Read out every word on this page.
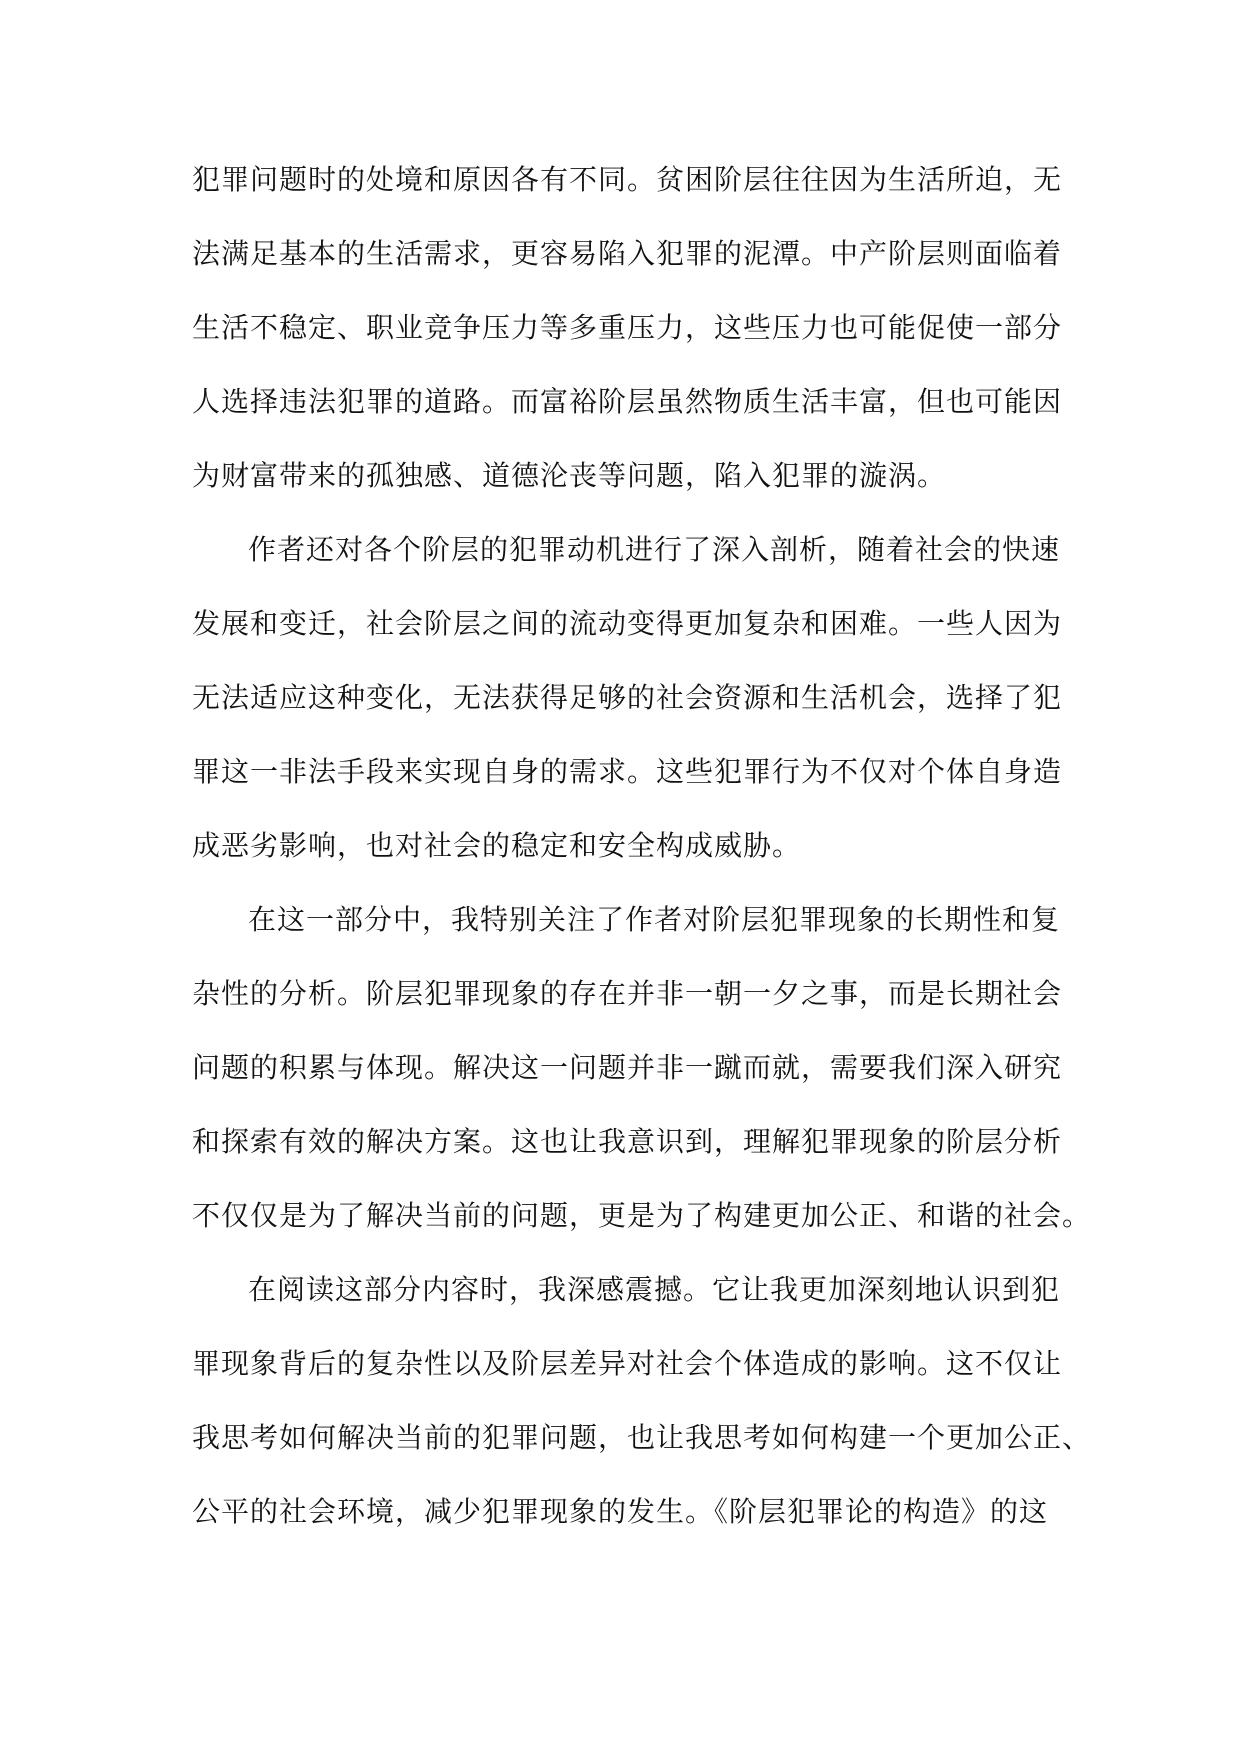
犯罪问题时的处境和原因各有不同。贫困阶层往往因为生活所迫，无
法满足基本的生活需求，更容易陷入犯罪的泥潭。中产阶层则面临着
生活不稳定、职业竞争压力等多重压力，这些压力也可能促使一部分
人选择违法犯罪的道路。而富裕阶层虽然物质生活丰富，但也可能因
为财富带来的孤独感、道德沦丧等问题，陷入犯罪的漩涡。
作者还对各个阶层的犯罪动机进行了深入剖析，随着社会的快速
发展和变迁，社会阶层之间的流动变得更加复杂和困难。一些人因为
无法适应这种变化，无法获得足够的社会资源和生活机会，选择了犯
罪这一非法手段来实现自身的需求。这些犯罪行为不仅对个体自身造
成恶劣影响，也对社会的稳定和安全构成威胁。
在这一部分中，我特别关注了作者对阶层犯罪现象的长期性和复
杂性的分析。阶层犯罪现象的存在并非一朝一夕之事，而是长期社会
问题的积累与体现。解决这一问题并非一蹴而就，需要我们深入研究
和探索有效的解决方案。这也让我意识到，理解犯罪现象的阶层分析
不仅仅是为了解决当前的问题，更是为了构建更加公正、和谐的社会。
在阅读这部分内容时，我深感震撼。它让我更加深刻地认识到犯
罪现象背后的复杂性以及阶层差异对社会个体造成的影响。这不仅让
我思考如何解决当前的犯罪问题，也让我思考如何构建一个更加公正、
公平的社会环境，减少犯罪现象的发生。《阶层犯罪论的构造》的这
